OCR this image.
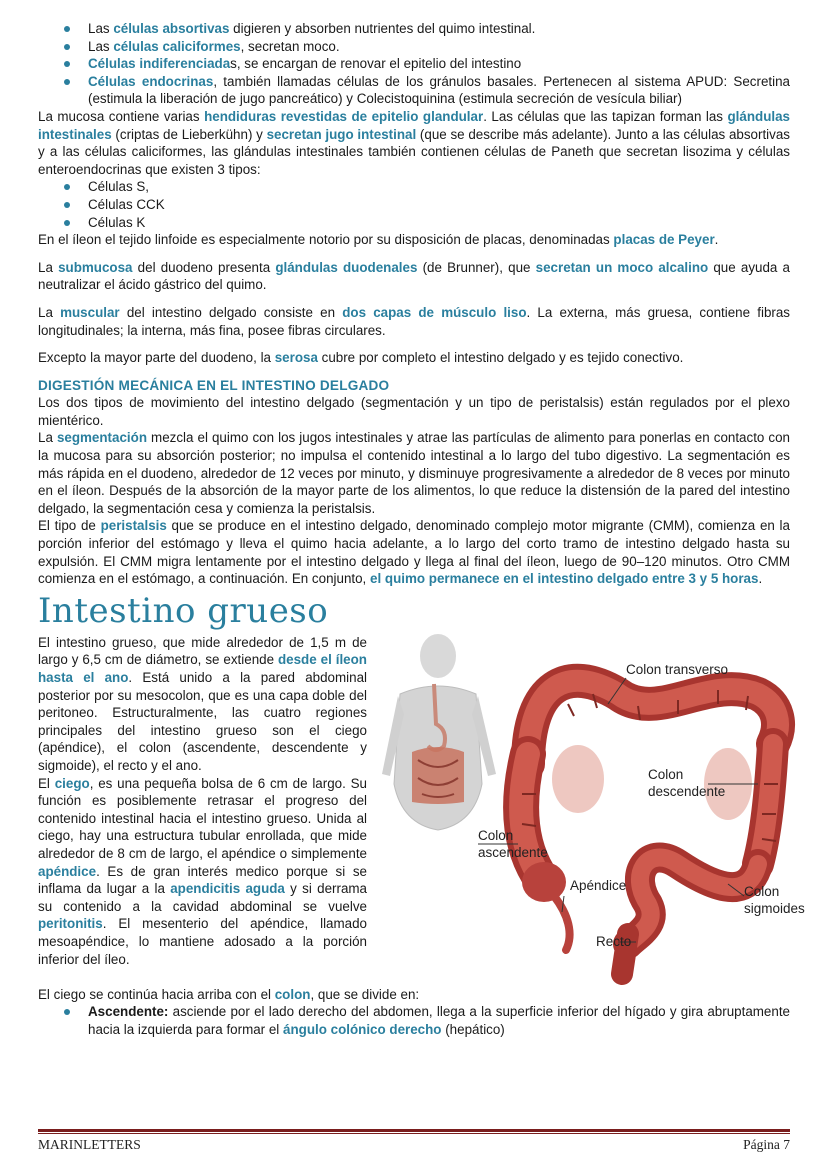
Las células absortivas digieren y absorben nutrientes del quimo intestinal.
Las células caliciformes, secretan moco.
Células indiferenciadas, se encargan de renovar el epitelio del intestino
Células endocrinas, también llamadas células de los gránulos basales. Pertenecen al sistema APUD: Secretina (estimula la liberación de jugo pancreático) y Colecistoquinina (estimula secreción de vesícula biliar)

La mucosa contiene varias hendiduras revestidas de epitelio glandular. Las células que las tapizan forman las glándulas intestinales (criptas de Lieberkühn) y secretan jugo intestinal (que se describe más adelante). Junto a las células absortivas y a las células caliciformes, las glándulas intestinales también contienen células de Paneth que secretan lisozima y células enteroendocrinas que existen 3 tipos:

Células S,
Células CCK
Células K

En el íleon el tejido linfoide es especialmente notorio por su disposición de placas, denominadas placas de Peyer.

La submucosa del duodeno presenta glándulas duodenales (de Brunner), que secretan un moco alcalino que ayuda a neutralizar el ácido gástrico del quimo.

La muscular del intestino delgado consiste en dos capas de músculo liso. La externa, más gruesa, contiene fibras longitudinales; la interna, más fina, posee fibras circulares.

Excepto la mayor parte del duodeno, la serosa cubre por completo el intestino delgado y es tejido conectivo.

DIGESTIÓN MECÁNICA EN EL INTESTINO DELGADO

Los dos tipos de movimiento del intestino delgado (segmentación y un tipo de peristalsis) están regulados por el plexo mientérico.

La segmentación mezcla el quimo con los jugos intestinales y atrae las partículas de alimento para ponerlas en contacto con la mucosa para su absorción posterior; no impulsa el contenido intestinal a lo largo del tubo digestivo. La segmentación es más rápida en el duodeno, alrededor de 12 veces por minuto, y disminuye progresivamente a alrededor de 8 veces por minuto en el íleon. Después de la absorción de la mayor parte de los alimentos, lo que reduce la distensión de la pared del intestino delgado, la segmentación cesa y comienza la peristalsis.

El tipo de peristalsis que se produce en el intestino delgado, denominado complejo motor migrante (CMM), comienza en la porción inferior del estómago y lleva el quimo hacia adelante, a lo largo del corto tramo de intestino delgado hasta su expulsión. El CMM migra lentamente por el intestino delgado y llega al final del íleon, luego de 90–120 minutos. Otro CMM comienza en el estómago, a continuación. En conjunto, el quimo permanece en el intestino delgado entre 3 y 5 horas.

Intestino grueso

El intestino grueso, que mide alrededor de 1,5 m de largo y 6,5 cm de diámetro, se extiende desde el íleon hasta el ano. Está unido a la pared abdominal posterior por su mesocolon, que es una capa doble del peritoneo. Estructuralmente, las cuatro regiones principales del intestino grueso son el ciego (apéndice), el colon (ascendente, descendente y sigmoide), el recto y el ano.

El ciego, es una pequeña bolsa de 6 cm de largo. Su función es posiblemente retrasar el progreso del contenido intestinal hacia el intestino grueso. Unida al ciego, hay una estructura tubular enrollada, que mide alrededor de 8 cm de largo, el apéndice o simplemente apéndice. Es de gran interés medico porque si se inflama da lugar a la apendicitis aguda y si derrama su contenido a la cavidad abdominal se vuelve peritonitis. El mesenterio del apéndice, llamado mesoapéndice, lo mantiene adosado a la porción inferior del íleo.

Colon transverso
Colon
descendente
Colon
ascendente
Apéndice	Colon
sigmoides
Recto

El ciego se continúa hacia arriba con el colon, que se divide en:

Ascendente: asciende por el lado derecho del abdomen, llega a la superficie inferior del hígado y gira abruptamente hacia la izquierda para formar el ángulo colónico derecho (hepático)
MARINLETTERS	Página 7
